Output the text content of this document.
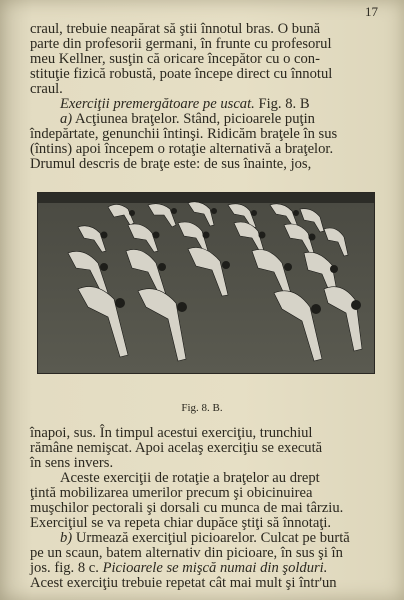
17

craul, trebuie neapărat să ştii înnotul bras. O bună

parte din profesorii germani, în frunte cu profesorul

meu Kellner, susţin că oricare începător cu o con-

stituţie fizică robustă, poate începe direct cu înnotul

craul.

Exerciţii premergătoare pe uscat. Fig. 8. B

a) Acţiunea braţelor. Stând, picioarele puţin

îndepărtate, genunchii întinşi. Ridicăm braţele în sus

(întins) apoi începem o rotaţie alternativă a braţelor.

Drumul descris de braţe este: de sus înainte, jos,

Fig. 8. B.

înapoi, sus. În timpul acestui exerciţiu, trunchiul

rămâne nemişcat. Apoi acelaş exerciţiu se execută

în sens invers.

Aceste exerciţii de rotaţie a braţelor au drept

ţintă mobilizarea umerilor precum şi obicinuirea

muşchilor pectorali şi dorsali cu munca de mai târziu.

Exerciţiul se va repeta chiar dupăce ştiţi să înnotaţi.

b) Urmează exerciţiul picioarelor. Culcat pe burtă

pe un scaun, batem alternativ din picioare, în sus şi în

jos. fig. 8 c. Picioarele se mişcă numai din şolduri.

Acest exerciţiu trebuie repetat cât mai mult şi într'un
